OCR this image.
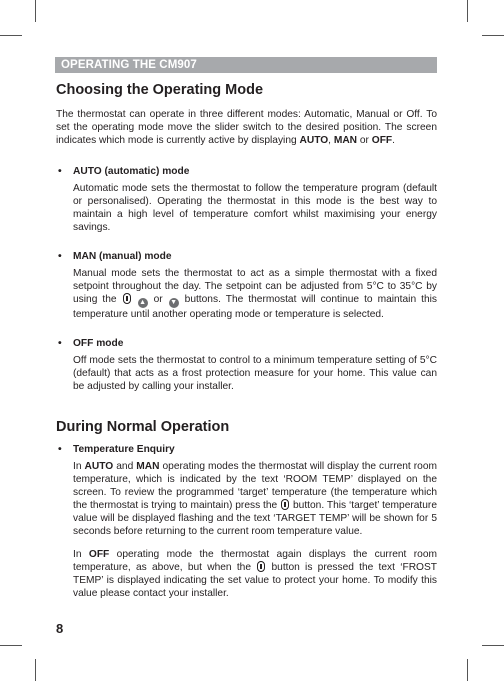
OPERATING THE CM907
Choosing the Operating Mode

The thermostat can operate in three different modes: Automatic, Manual or Off. To set the operating mode move the slider switch to the desired position. The screen indicates which mode is currently active by displaying AUTO, MAN or OFF.

• AUTO (automatic) mode

Automatic mode sets the thermostat to follow the temperature program (default or personalised). Operating the thermostat in this mode is the best way to maintain a high level of temperature comfort whilst maximising your energy savings.

• MAN (manual) mode

Manual mode sets the thermostat to act as a simple thermostat with a fixed setpoint throughout the day. The setpoint can be adjusted from 5°C to 35°C by using the	▲ or ▼ buttons. The thermostat will continue to maintain this temperature until another operating mode or temperature is selected.

• OFF mode

Off mode sets the thermostat to control to a minimum temperature setting of 5°C (default) that acts as a frost protection measure for your home. This value can be adjusted by calling your installer.

During Normal Operation
• Temperature Enquiry

In AUTO and MAN operating modes the thermostat will display the current room temperature, which is indicated by the text ‘ROOM TEMP’ displayed on the screen. To review the programmed ‘target’ temperature (the temperature which the thermostat is trying to maintain) press the  button. This ‘target’ temperature value will be displayed flashing and the text ‘TARGET TEMP’ will be shown for 5 seconds before returning to the current room temperature value.

In OFF operating mode the thermostat again displays the current room temperature, as above, but when the  button is pressed the text ‘FROST TEMP’ is displayed indicating the set value to protect your home. To modify this value please contact your installer.

8
